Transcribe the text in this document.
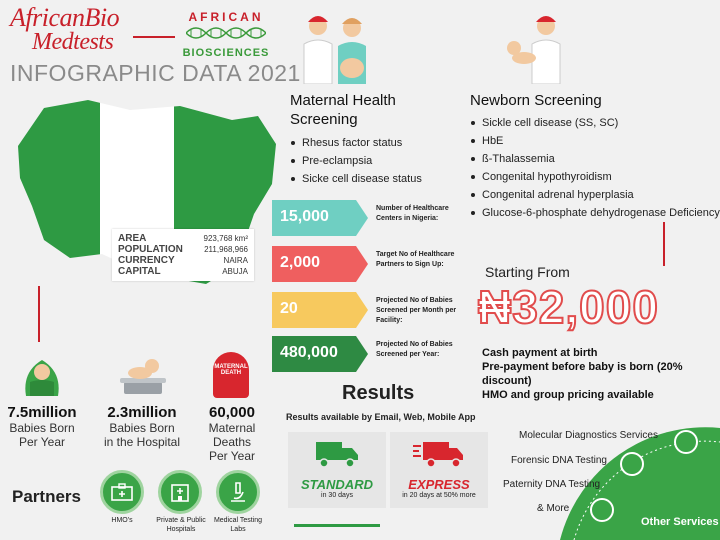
AfricanBio
Medtests
AFRICAN
BIOSCIENCES
INFOGRAPHIC DATA 2021
AREA	923,768 km²
POPULATION	211,968,966
CURRENCY	NAIRA
CAPITAL	ABUJA
MATERNAL
DEATH
7.5million
Babies Born
Per Year
2.3million
Babies Born
in the Hospital
60,000
Maternal Deaths
Per Year
Partners
HMO's	Private & Public Hospitals
Medical Testing Labs
Maternal Health
Screening
Rhesus factor status
Pre-eclampsia
Sicke cell disease status
Newborn Screening
Sickle cell disease (SS, SC)
HbE
ß-Thalassemia
Congenital hypothyroidism
Congenital adrenal hyperplasia
Glucose-6-phosphate dehydrogenase Deficiency
15,000	Number of Healthcare Centers in Nigeria:
2,000	Target No of Healthcare Partners to Sign Up:
20	Projected No of Babies Screened per Month per Facility:
480,000	Projected No of Babies Screened per Year:
Starting From
₦32,000
Cash payment at birth
Pre-payment before baby is born (20% discount)
HMO and group pricing available
Results
Results available by Email, Web, Mobile App
STANDARD
in 30 days
EXPRESS
in 20 days at 50% more
Molecular Diagnostics Services
Forensic DNA Testing
Paternity DNA Testing
& More
Other Services
